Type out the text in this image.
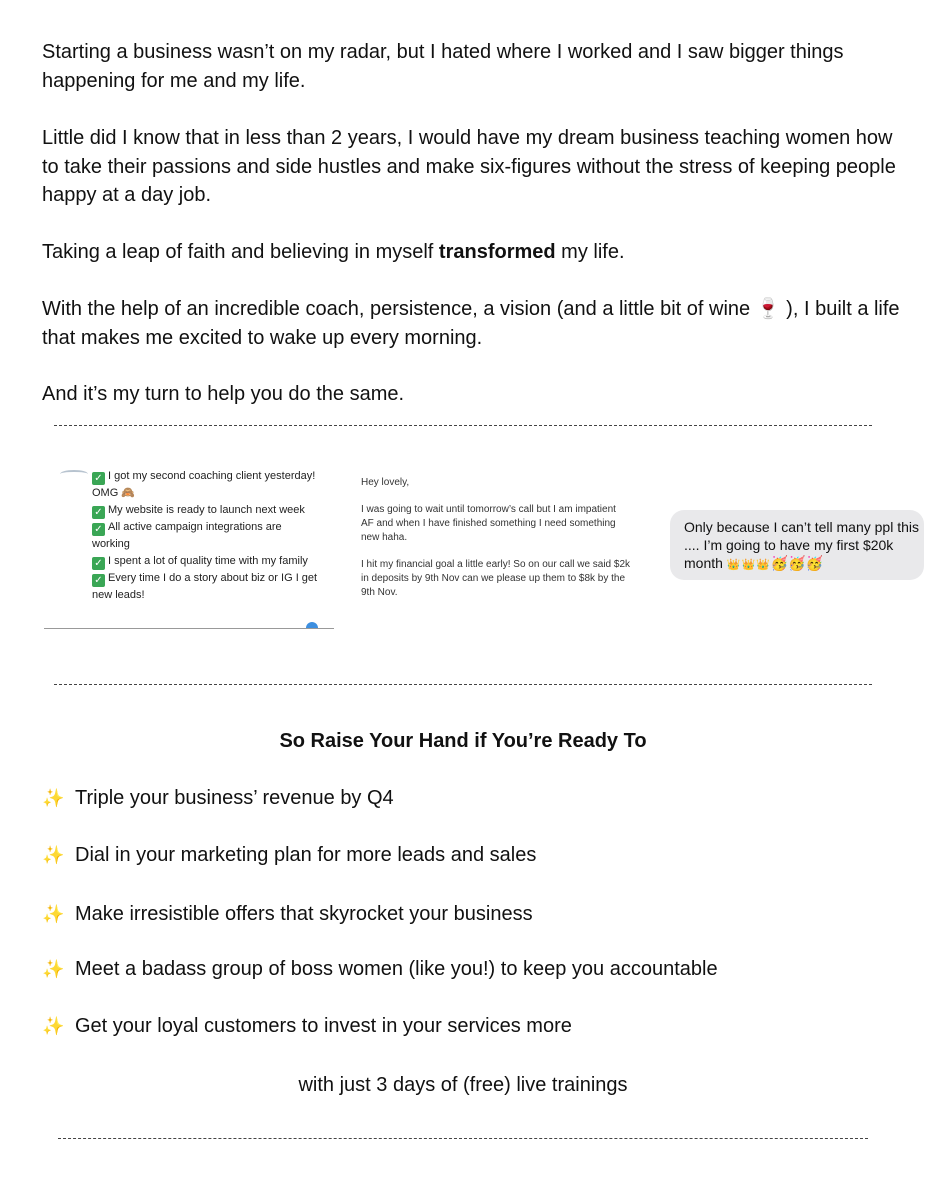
Starting a business wasn’t on my radar, but I hated where I worked and I saw bigger things happening for me and my life.

Little did I know that in less than 2 years, I would have my dream business teaching women how to take their passions and side hustles and make six-figures without the stress of keeping people happy at a day job.

Taking a leap of faith and believing in myself transformed my life.

With the help of an incredible coach, persistence, a vision (and a little bit of wine 🍷 ), I built a life that makes me excited to wake up every morning.

And it’s my turn to help you do the same.

✓ I got my second coaching client yesterday! OMG 🙈
✓ My website is ready to launch next week
✓ All active campaign integrations are working
✓ I spent a lot of quality time with my family
✓ Every time I do a story about biz or IG I get new leads!
Hey lovely,
I was going to wait until tomorrow’s call but I am impatient AF and when I have finished something I need something new haha.
I hit my financial goal a little early! So on our call we said $2k in deposits by 9th Nov can we please up them to $8k by the 9th Nov.
Only because I can’t tell many ppl this .... I’m going to have my first $20k month 👑👑👑🥳🥳🥳
So Raise Your Hand if You’re Ready To
✨ Triple your business’ revenue by Q4
✨ Dial in your marketing plan for more leads and sales
✨ Make irresistible offers that skyrocket your business
✨ Meet a badass group of boss women (like you!) to keep you accountable
✨ Get your loyal customers to invest in your services more
with just 3 days of (free) live trainings
